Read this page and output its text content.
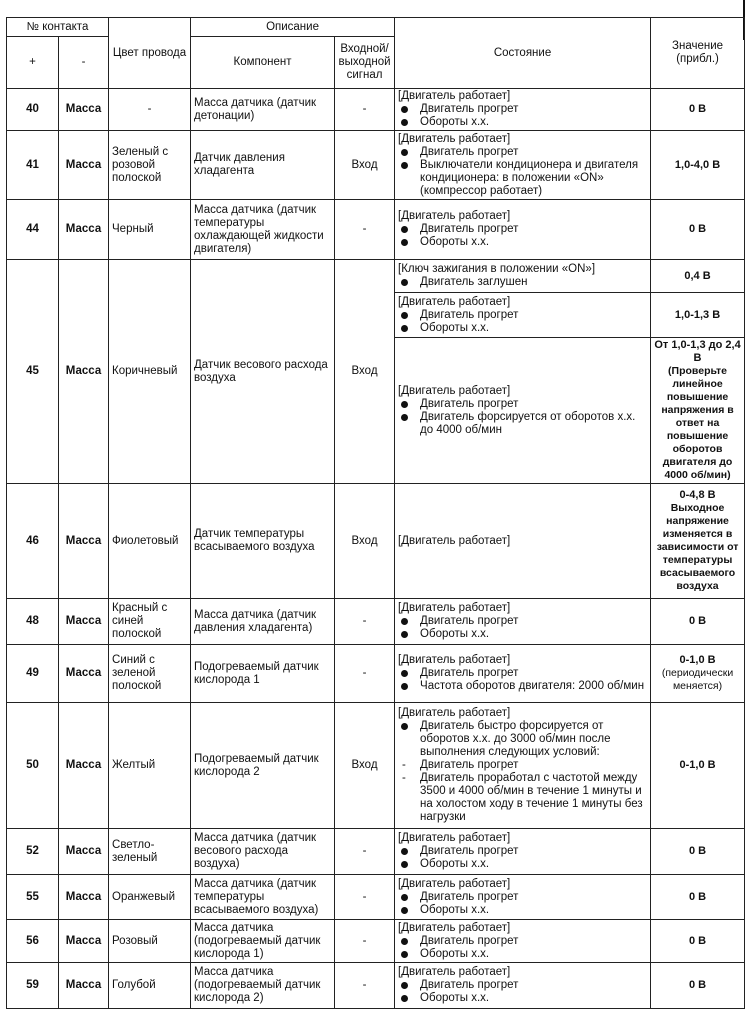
№ контакта		Цвет провода	Описание		Состояние	Значение (прибл.)
+	-		Компонент	Входной/ выходной сигнал		
40	Масса	-	Масса датчика (датчик детонации)	-	[Двигатель работает]
Двигатель прогрет
Обороты х.х.	0 В

41	Масса	Зеленый с розовой полоской	Датчик давления хладагента	Вход	[Двигатель работает]
Двигатель прогрет
Выключатели кондиционера и двигателя кондиционера: в положении «ON» (компрессор работает)	1,0-4,0 В

44	Масса	Черный	Масса датчика (датчик температуры охлаждающей жидкости двигателя)	-	[Двигатель работает]
Двигатель прогрет
Обороты х.х.	0 В

45	Масса	Коричневый	Датчик весового расхода воздуха	Вход	[Ключ зажигания в положении «ON»]
Двигатель заглушен	0,4 В

					[Двигатель работает]
Двигатель прогрет
Обороты х.х.	1,0-1,3 В

					[Двигатель работает]
Двигатель прогрет
Двигатель форсируется от оборотов х.х. до 4000 об/мин	От 1,0-1,3 до 2,4 В
(Проверьте линейное повышение напряжения в ответ на повышение оборотов двигателя до 4000 об/мин)

46	Масса	Фиолетовый	Датчик температуры всасываемого воздуха	Вход	[Двигатель работает]	0-4,8 В
Выходное напряжение изменяется в зависимости от температуры всасываемого воздуха

48	Масса	Красный с синей полоской	Масса датчика (датчик давления хладагента)	-	[Двигатель работает]
Двигатель прогрет
Обороты х.х.	0 В

49	Масса	Синий с зеленой полоской	Подогреваемый датчик кислорода 1	-	[Двигатель работает]
Двигатель прогрет
Частота оборотов двигателя: 2000 об/мин	0-1,0 В
(периодически меняется)

50	Масса	Желтый	Подогреваемый датчик кислорода 2	Вход	[Двигатель работает]
Двигатель быстро форсируется от оборотов х.х. до 3000 об/мин после выполнения следующих условий:
- Двигатель прогрет
- Двигатель проработал с частотой между 3500 и 4000 об/мин в течение 1 минуты и на холостом ходу в течение 1 минуты без нагрузки	0-1,0 В

52	Масса	Светло-зеленый	Масса датчика (датчик весового расхода воздуха)	-	[Двигатель работает]
Двигатель прогрет
Обороты х.х.	0 В

55	Масса	Оранжевый	Масса датчика (датчик температуры всасываемого воздуха)	-	[Двигатель работает]
Двигатель прогрет
Обороты х.х.	0 В

56	Масса	Розовый	Масса датчика (подогреваемый датчик кислорода 1)	-	[Двигатель работает]
Двигатель прогрет
Обороты х.х.	0 В

59	Масса	Голубой	Масса датчика (подогреваемый датчик кислорода 2)	-	[Двигатель работает]
Двигатель прогрет
Обороты х.х.	0 В
